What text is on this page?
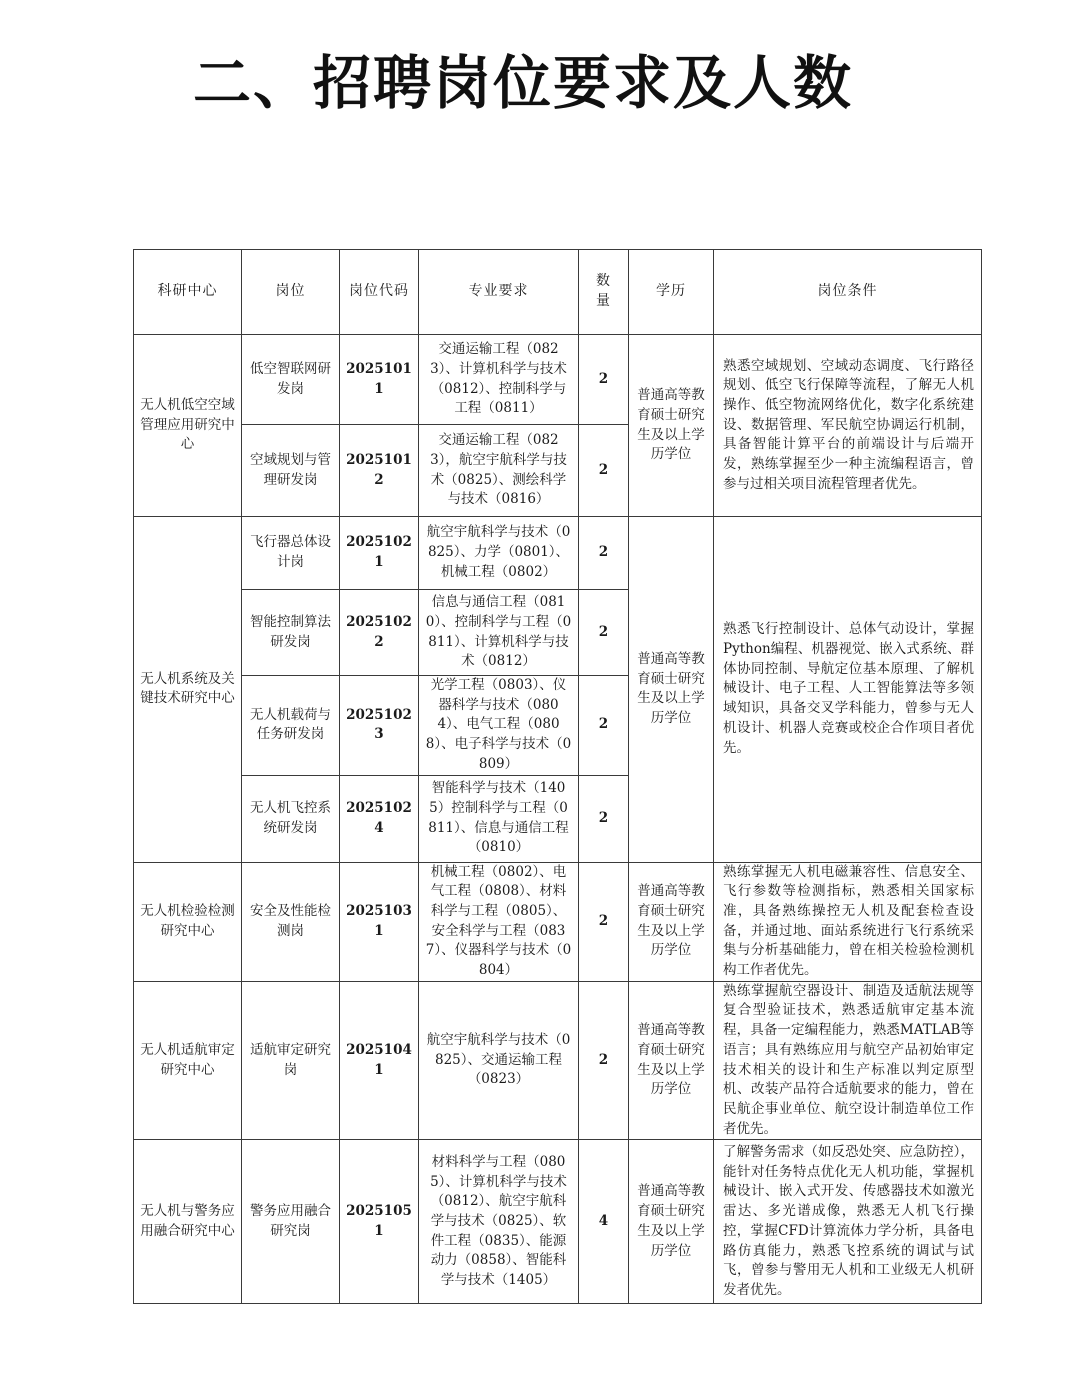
二、招聘岗位要求及人数
科研中心	岗位	岗位代码	专业要求	数量	学历	岗位条件
无人机低空空域管理应用研究中心	低空智联网研发岗	20251011	交通运输工程（0823）、计算机科学与技术（0812）、控制科学与工程（0811）	2	普通高等教育硕士研究生及以上学历学位	熟悉空域规划、空域动态调度、飞行路径规划、低空飞行保障等流程，了解无人机操作、低空物流网络优化，数字化系统建设、数据管理、军民航空协调运行机制，具备智能计算平台的前端设计与后端开发，熟练掌握至少一种主流编程语言，曾参与过相关项目流程管理者优先。
	空域规划与管理研发岗	20251012	交通运输工程（0823），航空宇航科学与技术（0825）、测绘科学与技术（0816）	2		
无人机系统及关键技术研究中心	飞行器总体设计岗	20251021	航空宇航科学与技术（0825）、力学（0801）、机械工程（0802）	2	普通高等教育硕士研究生及以上学历学位	熟悉飞行控制设计、总体气动设计，掌握Python编程、机器视觉、嵌入式系统、群体协同控制、导航定位基本原理、了解机械设计、电子工程、人工智能算法等多领域知识，具备交叉学科能力，曾参与无人机设计、机器人竞赛或校企合作项目者优先。
	智能控制算法研发岗	20251022	信息与通信工程（0810）、控制科学与工程（0811）、计算机科学与技术（0812）	2		
	无人机载荷与任务研发岗	20251023	光学工程（0803）、仪器科学与技术（0804）、电气工程（0808）、电子科学与技术（0809）	2		
	无人机飞控系统研发岗	20251024	智能科学与技术（1405）控制科学与工程（0811）、信息与通信工程（0810）	2		
无人机检验检测研究中心	安全及性能检测岗	20251031	机械工程（0802）、电气工程（0808）、材料科学与工程（0805）、安全科学与工程（0837）、仪器科学与技术（0804）	2	普通高等教育硕士研究生及以上学历学位	熟练掌握无人机电磁兼容性、信息安全、飞行参数等检测指标，熟悉相关国家标准，具备熟练操控无人机及配套检查设备，并通过地、面站系统进行飞行系统采集与分析基础能力，曾在相关检验检测机构工作者优先。
无人机适航审定研究中心	适航审定研究岗	20251041	航空宇航科学与技术（0825）、交通运输工程（0823）	2	普通高等教育硕士研究生及以上学历学位	熟练掌握航空器设计、制造及适航法规等复合型验证技术，熟悉适航审定基本流程，具备一定编程能力，熟悉MATLAB等语言；具有熟练应用与航空产品初始审定技术相关的设计和生产标准以判定原型机、改装产品符合适航要求的能力，曾在民航企事业单位、航空设计制造单位工作者优先。
无人机与警务应用融合研究中心	警务应用融合研究岗	20251051	材料科学与工程（0805）、计算机科学与技术（0812）、航空宇航科学与技术（0825）、软件工程（0835）、能源动力（0858）、智能科学与技术（1405）	4	普通高等教育硕士研究生及以上学历学位	了解警务需求（如反恐处突、应急防控），能针对任务特点优化无人机功能，掌握机械设计、嵌入式开发、传感器技术如激光雷达、多光谱成像，熟悉无人机飞行操控，掌握CFD计算流体力学分析，具备电路仿真能力，熟悉飞控系统的调试与试飞，曾参与警用无人机和工业级无人机研发者优先。
